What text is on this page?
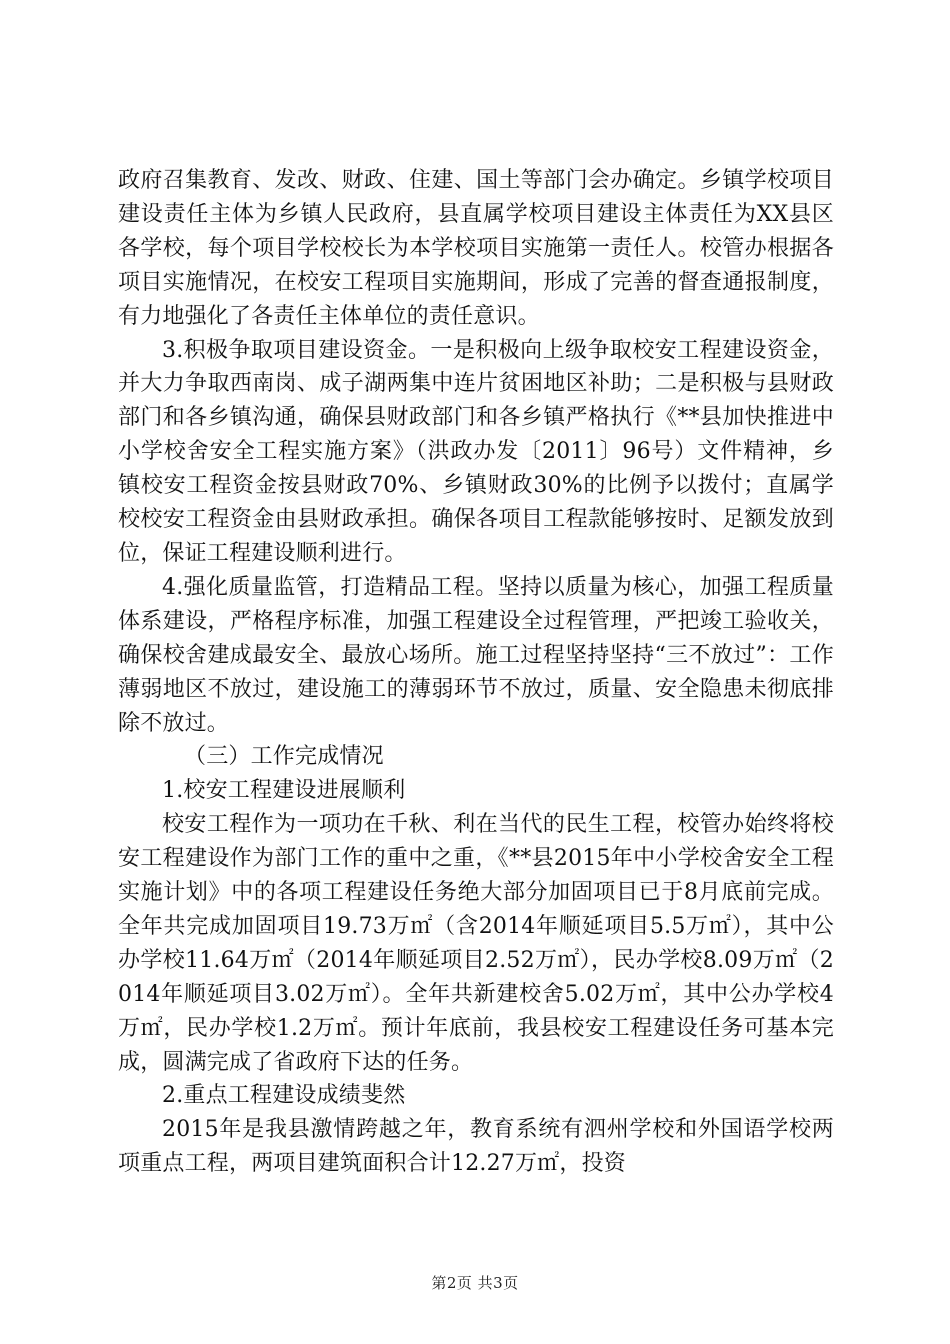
政府召集教育、发改、财政、住建、国土等部门会办确定。乡镇学校项目建设责任主体为乡镇人民政府，县直属学校项目建设主体责任为XX县区各学校，每个项目学校校长为本学校项目实施第一责任人。校管办根据各项目实施情况，在校安工程项目实施期间，形成了完善的督查通报制度，有力地强化了各责任主体单位的责任意识。

3.积极争取项目建设资金。一是积极向上级争取校安工程建设资金，并大力争取西南岗、成子湖两集中连片贫困地区补助；二是积极与县财政部门和各乡镇沟通，确保县财政部门和各乡镇严格执行《**县加快推进中小学校舍安全工程实施方案》（洪政办发〔2011〕96号）文件精神，乡镇校安工程资金按县财政70%、乡镇财政30%的比例予以拨付；直属学校校安工程资金由县财政承担。确保各项目工程款能够按时、足额发放到位，保证工程建设顺利进行。

4.强化质量监管，打造精品工程。坚持以质量为核心，加强工程质量体系建设，严格程序标准，加强工程建设全过程管理，严把竣工验收关，确保校舍建成最安全、最放心场所。施工过程坚持坚持“三不放过”：工作薄弱地区不放过，建设施工的薄弱环节不放过，质量、安全隐患未彻底排除不放过。

（三）工作完成情况

1.校安工程建设进展顺利

校安工程作为一项功在千秋、利在当代的民生工程，校管办始终将校安工程建设作为部门工作的重中之重，《**县2015年中小学校舍安全工程实施计划》中的各项工程建设任务绝大部分加固项目已于8月底前完成。全年共完成加固项目19.73万㎡（含2014年顺延项目5.5万㎡），其中公办学校11.64万㎡（2014年顺延项目2.52万㎡），民办学校8.09万㎡（2014年顺延项目3.02万㎡）。全年共新建校舍5.02万㎡，其中公办学校4万㎡，民办学校1.2万㎡。预计年底前，我县校安工程建设任务可基本完成，圆满完成了省政府下达的任务。

2.重点工程建设成绩斐然

2015年是我县激情跨越之年，教育系统有泗州学校和外国语学校两项重点工程，两项目建筑面积合计12.27万㎡，投资

第2页 共3页
